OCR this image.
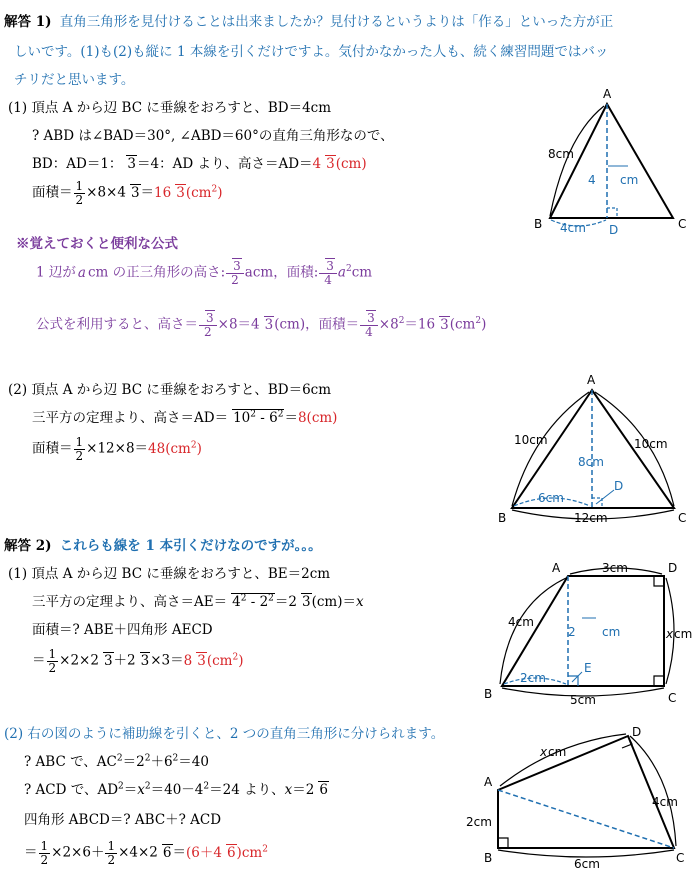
解答 1) 直角三角形を見付けることは出来ましたか？見付けるというよりは「作る」といった方が正
しいです。(1)も(2)も縦に 1 本線を引くだけですよ。気付かなかった人も、続く練習問題ではバッ
チリだと思います。
(1) 頂点 A から辺 BC に垂線をおろすと、BD＝4cm
? ABD は∠BAD＝30°, ∠ABD＝60°の直角三角形なので、
BD：AD＝1： 3＝4：AD より、高さ＝AD＝4 3(cm)
面積＝ $\frac{1}{2} \times 8\times 4$ 3＝16 $3(cm^2)$
※覚えておくと便利な公式
1 辺が a cm の正三角形の高さ: $\frac{3}{2}$ acm，面積: $\frac{3}{4} a^2cm$
公式を利用すると、高さ＝ $\frac{3}{2} \times 8=4$ 3(cm)，面積＝ $\frac{3}{4} \times 8^2=16$ $3(cm^2)$
A
B	C
D
8cm
4 cm
4cm
(2) 頂点 A から辺 BC に垂線をおろすと、BD＝6cm
三平方の定理より、高さ$=AD= 10^2 - 6^2=8(cm)$
面積＝ $\frac{1}{2} \times 12\times 8=48(cm^2)$
A
B	C
D
10cm	10cm
8cm
6cm
12cm
解答 2) これらも線を 1 本引くだけなのですが。。。
(1) 頂点 A から辺 BC に垂線をおろすと、BE＝2cm
三平方の定理より、高さ$=AE= 4^2 - 2^2=2$ 3(cm)＝x
面積＝? ABE＋四角形 AECD
＝ $\frac{1}{2} \times 2\times 2$ 3＋2 3×3＝8 $3(cm^2)$
A	D
B	C
E
3cm
4cm
2 cm	x cm
2cm
5cm
(2) 右の図のように補助線を引くと、2 つの直角三角形に分けられます。
? ABC で、$AC^2=2^2+6^2=40$
? ACD で、$AD^2=x^2=40-4^2=24$ より、x＝2 6
四角形 ABCD＝? ABC＋? ACD
＝ $\frac{1}{2} \times 2\times 6+ \frac{1}{2} \times 4\times 2$ 6＝(6＋4 $6)cm^2$
A
D
B	C
x cm
4cm
2cm
6cm
